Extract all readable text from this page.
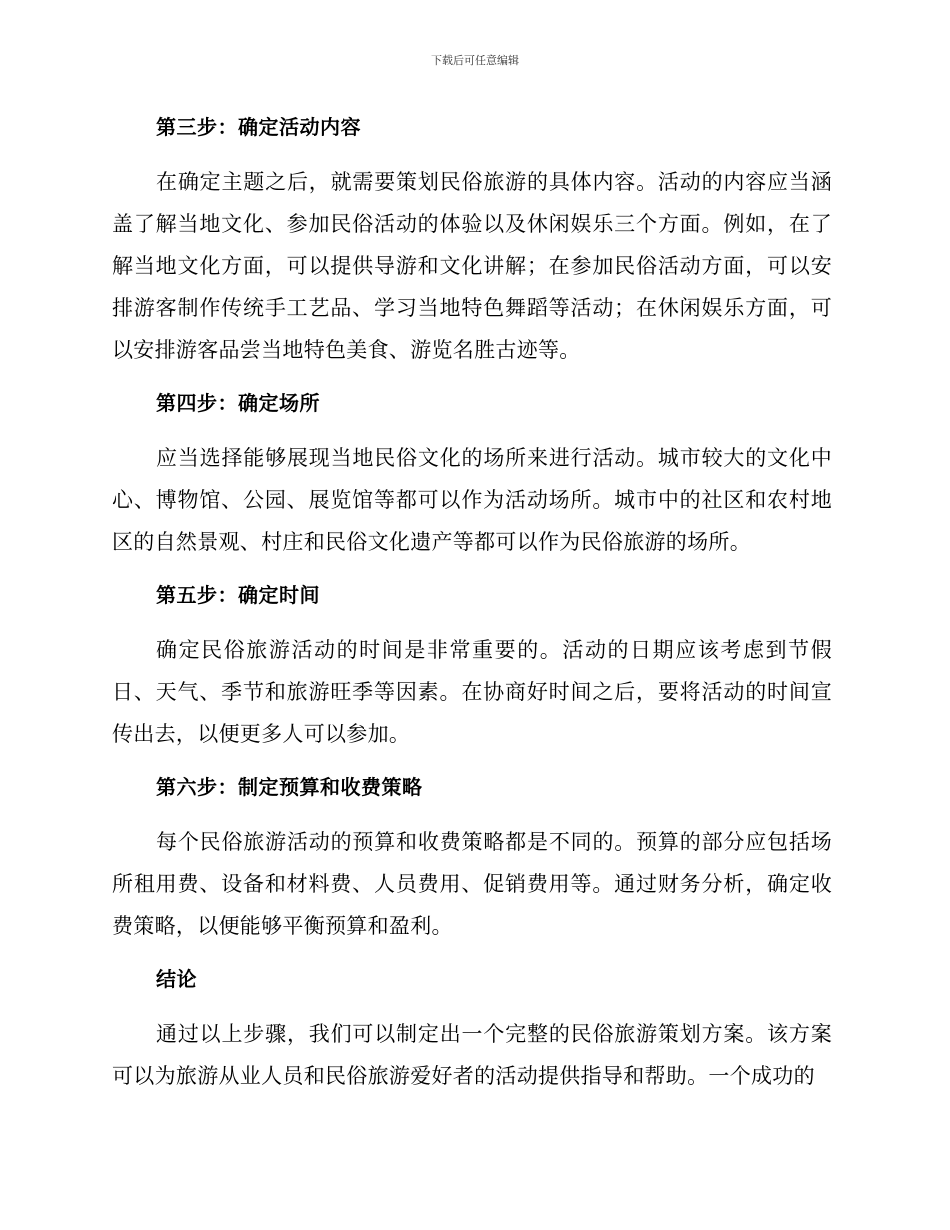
下载后可任意编辑
第三步：确定活动内容

在确定主题之后，就需要策划民俗旅游的具体内容。活动的内容应当涵盖了解当地文化、参加民俗活动的体验以及休闲娱乐三个方面。例如，在了解当地文化方面，可以提供导游和文化讲解；在参加民俗活动方面，可以安排游客制作传统手工艺品、学习当地特色舞蹈等活动；在休闲娱乐方面，可以安排游客品尝当地特色美食、游览名胜古迹等。

第四步：确定场所

应当选择能够展现当地民俗文化的场所来进行活动。城市较大的文化中心、博物馆、公园、展览馆等都可以作为活动场所。城市中的社区和农村地区的自然景观、村庄和民俗文化遗产等都可以作为民俗旅游的场所。

第五步：确定时间

确定民俗旅游活动的时间是非常重要的。活动的日期应该考虑到节假日、天气、季节和旅游旺季等因素。在协商好时间之后，要将活动的时间宣传出去，以便更多人可以参加。

第六步：制定预算和收费策略

每个民俗旅游活动的预算和收费策略都是不同的。预算的部分应包括场所租用费、设备和材料费、人员费用、促销费用等。通过财务分析，确定收费策略，以便能够平衡预算和盈利。

结论

通过以上步骤，我们可以制定出一个完整的民俗旅游策划方案。该方案可以为旅游从业人员和民俗旅游爱好者的活动提供指导和帮助。一个成功的
